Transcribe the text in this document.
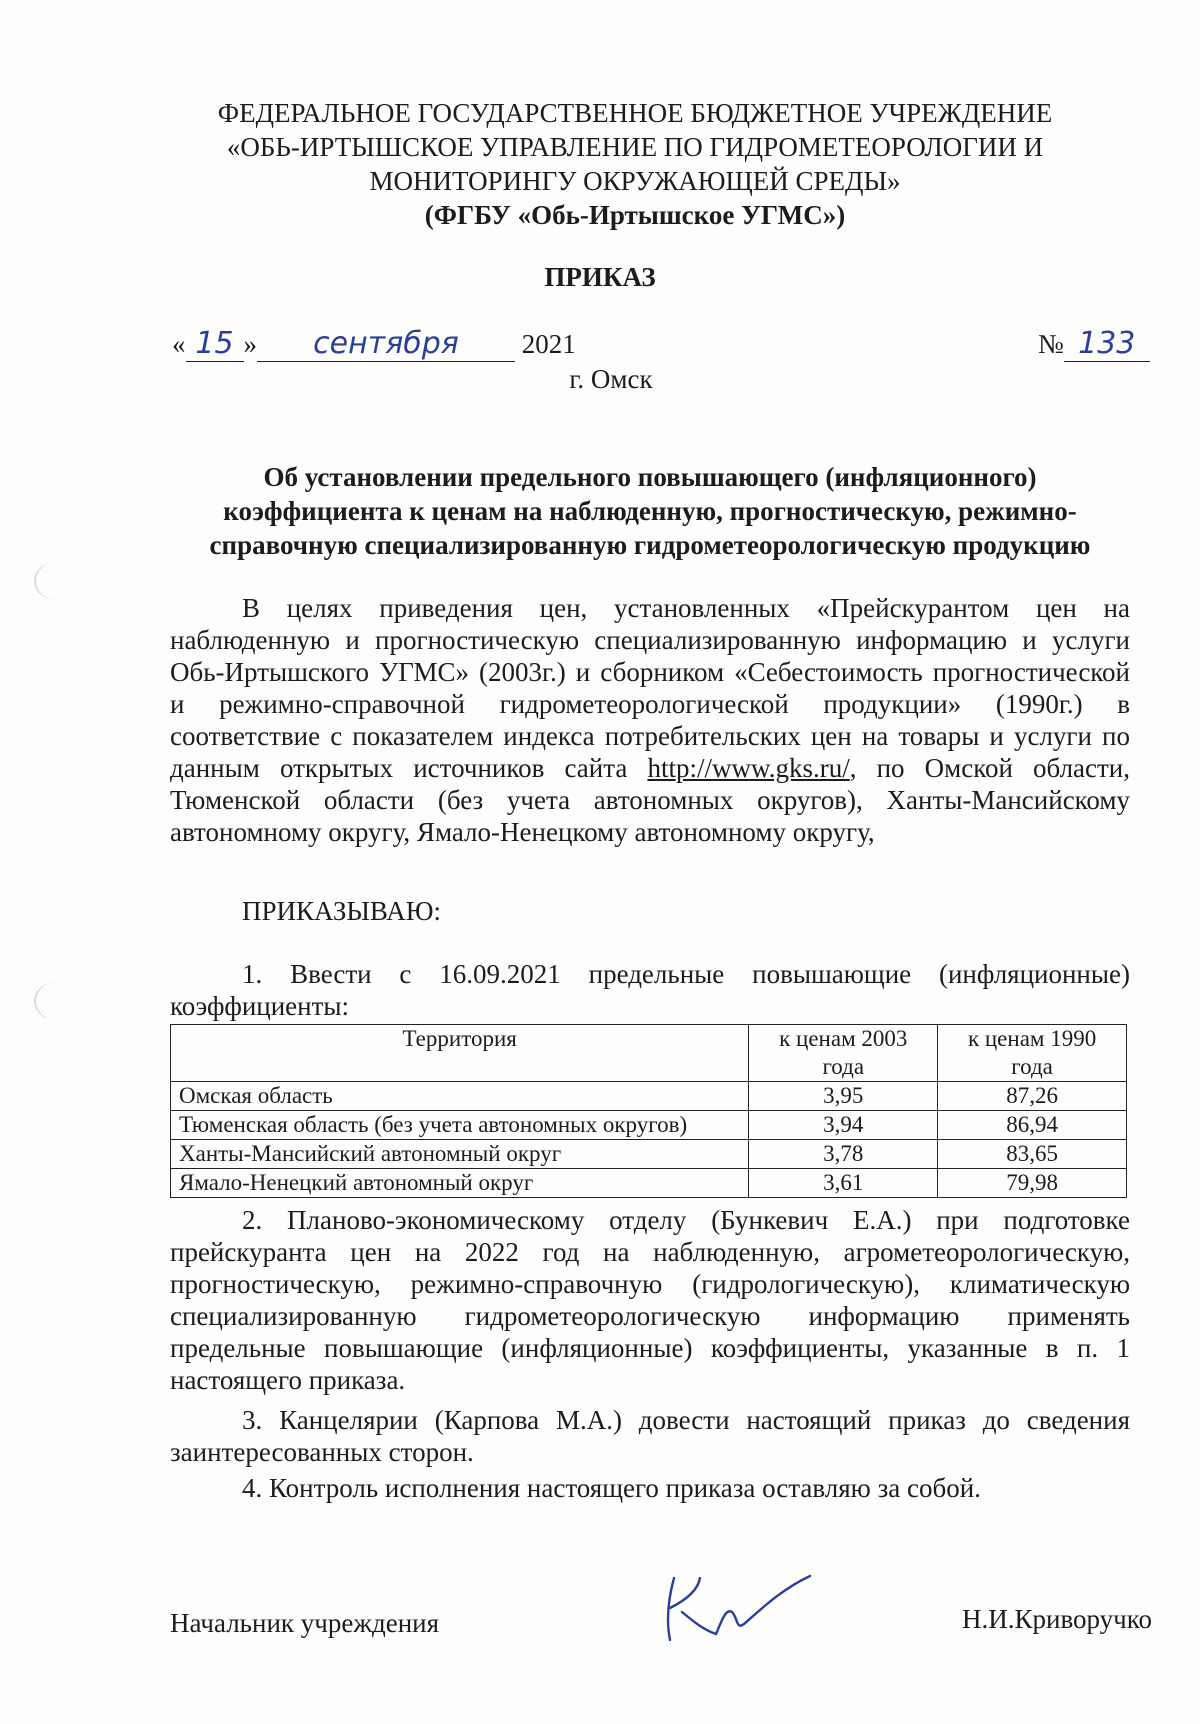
ФЕДЕРАЛЬНОЕ ГОСУДАРСТВЕННОЕ БЮДЖЕТНОЕ УЧРЕЖДЕНИЕ
«ОБЬ-ИРТЫШСКОЕ УПРАВЛЕНИЕ ПО ГИДРОМЕТЕОРОЛОГИИ И
МОНИТОРИНГУ ОКРУЖАЮЩЕЙ СРЕДЫ»
(ФГБУ «Обь-Иртышское УГМС»)
ПРИКАЗ
« 15 » сентября 2021	№ 133
г. Омск
Об установлении предельного повышающего (инфляционного)
коэффициента к ценам на наблюденную, прогностическую, режимно-
справочную специализированную гидрометеорологическую продукцию
В целях приведения цен, установленных «Прейскурантом цен на наблюденную и прогностическую специализированную информацию и услуги Обь-Иртышского УГМС» (2003г.) и сборником «Себестоимость прогностической и режимно-справочной гидрометеорологической продукции» (1990г.) в соответствие с показателем индекса потребительских цен на товары и услуги по данным открытых источников сайта http://www.gks.ru/, по Омской области, Тюменской области (без учета автономных округов), Ханты-Мансийскому автономному округу, Ямало-Ненецкому автономному округу,
ПРИКАЗЫВАЮ:
1. Ввести с 16.09.2021 предельные повышающие (инфляционные) коэффициенты:
Территория	к ценам 2003 года	к ценам 1990 года
Омская область	3,95	87,26
Тюменская область (без учета автономных округов)	3,94	86,94
Ханты-Мансийский автономный округ	3,78	83,65
Ямало-Ненецкий автономный округ	3,61	79,98
2. Планово-экономическому отделу (Бункевич Е.А.) при подготовке прейскуранта цен на 2022 год на наблюденную, агрометеорологическую, прогностическую, режимно-справочную (гидрологическую), климатическую специализированную гидрометеорологическую информацию применять предельные повышающие (инфляционные) коэффициенты, указанные в п. 1 настоящего приказа.
3. Канцелярии (Карпова М.А.) довести настоящий приказ до сведения заинтересованных сторон.
4. Контроль исполнения настоящего приказа оставляю за собой.
Начальник учреждения	Н.И.Криворучко
